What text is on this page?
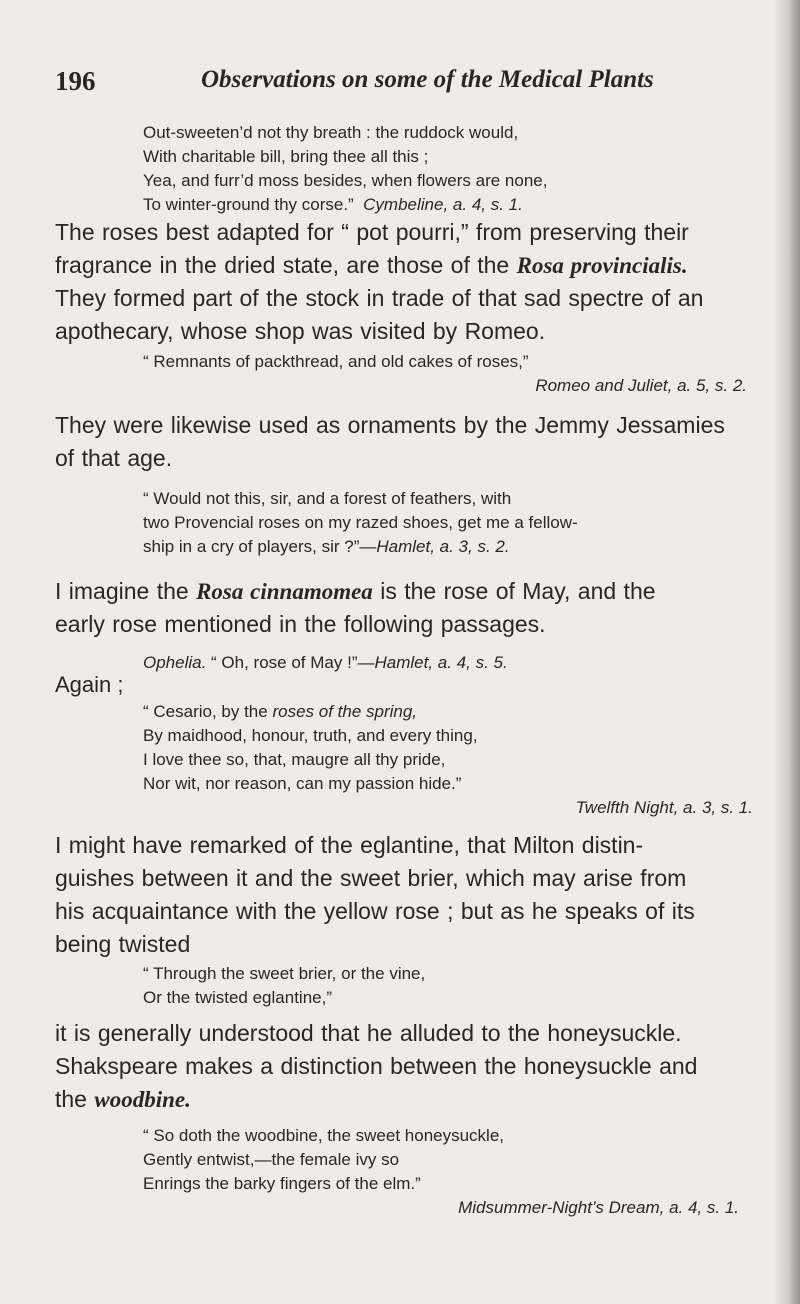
196	Observations on some of the Medical Plants
Out-sweeten’d not thy breath : the ruddock would,
With charitable bill, bring thee all this ;
Yea, and furr’d moss besides, when flowers are none,
To winter-ground thy corse.” Cymbeline, a. 4, s. 1.
The roses best adapted for “ pot pourri,” from preserving their
fragrance in the dried state, are those of the Rosa provincialis.
They formed part of the stock in trade of that sad spectre of an
apothecary, whose shop was visited by Romeo.
“ Remnants of packthread, and old cakes of roses,”
Romeo and Juliet, a. 5, s. 2.
They were likewise used as ornaments by the Jemmy Jessamies
of that age.
“ Would not this, sir, and a forest of feathers, with
two Provencial roses on my razed shoes, get me a fellow-
ship in a cry of players, sir ?”—Hamlet, a. 3, s. 2.
I imagine the Rosa cinnamomea is the rose of May, and the
early rose mentioned in the following passages.
Ophelia. “ Oh, rose of May !”—Hamlet, a. 4, s. 5.
Again ;
“ Cesario, by the roses of the spring,
By maidhood, honour, truth, and every thing,
I love thee so, that, maugre all thy pride,
Nor wit, nor reason, can my passion hide.”
Twelfth Night, a. 3, s. 1.
I might have remarked of the eglantine, that Milton distin-
guishes between it and the sweet brier, which may arise from
his acquaintance with the yellow rose ; but as he speaks of its
being twisted
“ Through the sweet brier, or the vine,
Or the twisted eglantine,”
it is generally understood that he alluded to the honeysuckle.
Shakspeare makes a distinction between the honeysuckle and
the woodbine.
“ So doth the woodbine, the sweet honeysuckle,
Gently entwist,—the female ivy so
Enrings the barky fingers of the elm.”
Midsummer-Night’s Dream, a. 4, s. 1.
